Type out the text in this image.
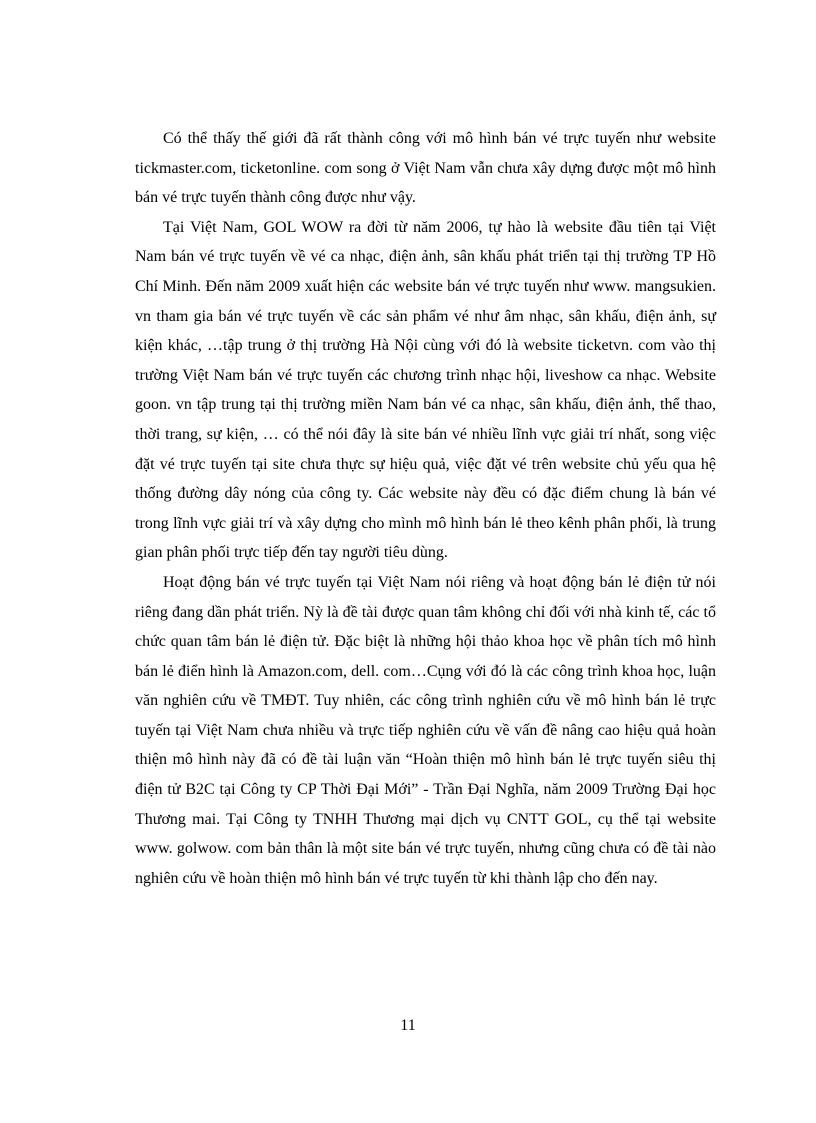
Có thể thấy thế giới đã rất thành công với mô hình bán vé trực tuyến như website tickmaster.com, ticketonline. com song ở Việt Nam vẫn chưa xây dựng được một mô hình bán vé trực tuyến thành công được như vậy.

Tại Việt Nam, GOL WOW ra đời từ năm 2006, tự hào là website đầu tiên tại Việt Nam bán vé trực tuyến về vé ca nhạc, điện ảnh, sân khấu phát triển tại thị trường TP Hồ Chí Minh. Đến năm 2009 xuất hiện các website bán vé trực tuyến như www. mangsukien. vn tham gia bán vé trực tuyến về các sản phẩm vé như âm nhạc, sân khấu, điện ảnh, sự kiện khác, …tập trung ở thị trường Hà Nội cùng với đó là website ticketvn. com vào thị trường Việt Nam bán vé trực tuyến các chương trình nhạc hội, liveshow ca nhạc. Website goon. vn tập trung tại thị trường miền Nam bán vé ca nhạc, sân khấu, điện ảnh, thể thao, thời trang, sự kiện, … có thể nói đây là site bán vé nhiều lĩnh vực giải trí nhất, song việc đặt vé trực tuyến tại site chưa thực sự hiệu quả, việc đặt vé trên website chủ yếu qua hệ thống đường dây nóng của công ty. Các website này đều có đặc điểm chung là bán vé trong lĩnh vực giải trí và xây dựng cho mình mô hình bán lẻ theo kênh phân phối, là trung gian phân phối trực tiếp đến tay người tiêu dùng.

Hoạt động bán vé trực tuyến tại Việt Nam nói riêng và hoạt động bán lẻ điện tử nói riêng đang dần phát triển. Nỳ là đề tài được quan tâm không chỉ đối với nhà kinh tế, các tổ chức quan tâm bán lẻ điện tử. Đặc biệt là những hội thảo khoa học về phân tích mô hình bán lẻ điển hình là Amazon.com, dell. com…Cụng với đó là các công trình khoa học, luận văn nghiên cứu về TMĐT. Tuy nhiên, các công trình nghiên cứu về mô hình bán lẻ trực tuyến tại Việt Nam chưa nhiều và trực tiếp nghiên cứu về vấn đề nâng cao hiệu quả hoàn thiện mô hình này đã có đề tài luận văn “Hoàn thiện mô hình bán lẻ trực tuyến siêu thị điện tử B2C tại Công ty CP Thời Đại Mới” - Trần Đại Nghĩa, năm 2009 Trường Đại học Thương mai. Tại Công ty TNHH Thương mại dịch vụ CNTT GOL, cụ thể tại website www. golwow. com bản thân là một site bán vé trực tuyến, nhưng cũng chưa có đề tài nào nghiên cứu về hoàn thiện mô hình bán vé trực tuyến từ khi thành lập cho đến nay.

11
